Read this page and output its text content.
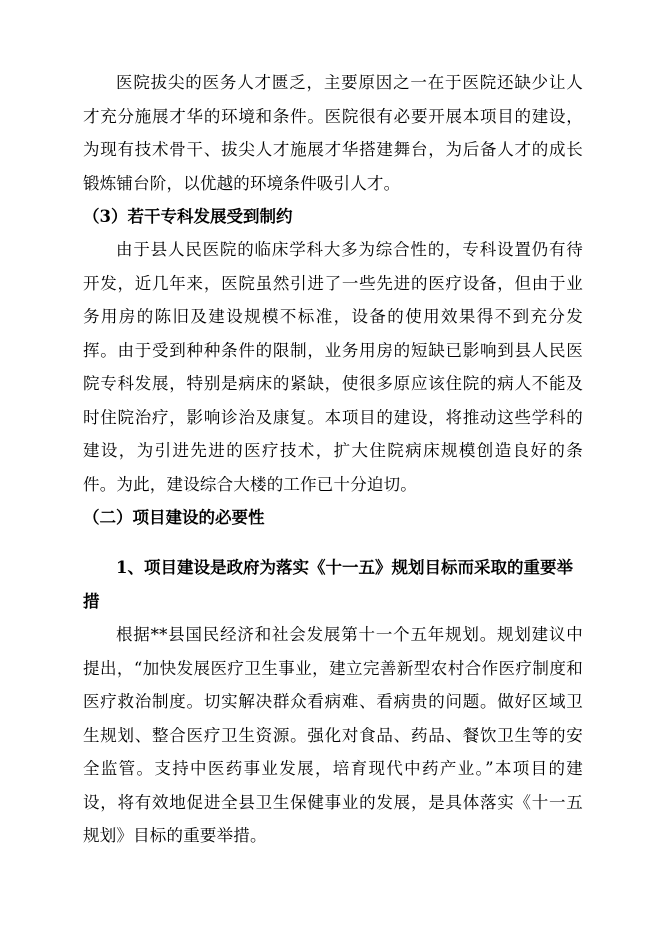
医院拔尖的医务人才匮乏，主要原因之一在于医院还缺少让人才充分施展才华的环境和条件。医院很有必要开展本项目的建设，为现有技术骨干、拔尖人才施展才华搭建舞台，为后备人才的成长锻炼铺台阶，以优越的环境条件吸引人才。

（3）若干专科发展受到制约

由于县人民医院的临床学科大多为综合性的，专科设置仍有待开发，近几年来，医院虽然引进了一些先进的医疗设备，但由于业务用房的陈旧及建设规模不标准，设备的使用效果得不到充分发挥。由于受到种种条件的限制，业务用房的短缺已影响到县人民医院专科发展，特别是病床的紧缺，使很多原应该住院的病人不能及时住院治疗，影响诊治及康复。本项目的建设，将推动这些学科的建设，为引进先进的医疗技术，扩大住院病床规模创造良好的条件。为此，建设综合大楼的工作已十分迫切。

（二）项目建设的必要性

1、项目建设是政府为落实《十一五》规划目标而采取的重要举措

根据**县国民经济和社会发展第十一个五年规划。规划建议中提出，“加快发展医疗卫生事业，建立完善新型农村合作医疗制度和医疗救治制度。切实解决群众看病难、看病贵的问题。做好区域卫生规划、整合医疗卫生资源。强化对食品、药品、餐饮卫生等的安全监管。支持中医药事业发展，培育现代中药产业。”本项目的建设，将有效地促进全县卫生保健事业的发展，是具体落实《十一五规划》目标的重要举措。
